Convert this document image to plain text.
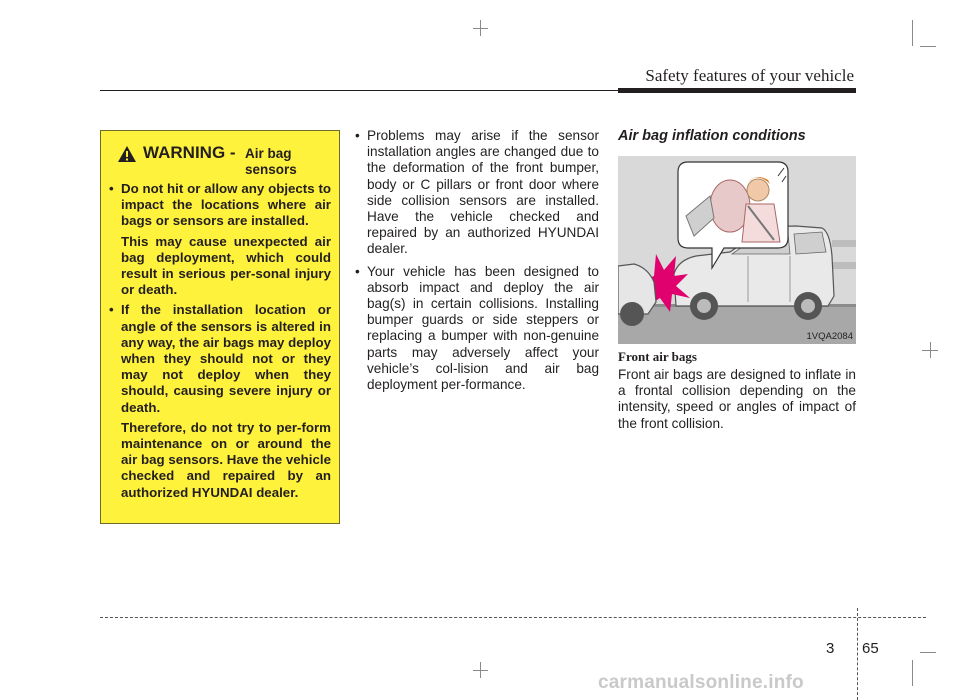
Safety features of your vehicle
WARNING - Air bag
sensors
• Do not hit or allow any objects to impact the locations where air bags or sensors are installed.

This may cause unexpected air bag deployment, which could result in serious per-sonal injury or death.

• If the installation location or angle of the sensors is altered in any way, the air bags may deploy when they should not or they may not deploy when they should, causing severe injury or death.

Therefore, do not try to per-form maintenance on or around the air bag sensors. Have the vehicle checked and repaired by an authorized HYUNDAI dealer.

• Problems may arise if the sensor installation angles are changed due to the deformation of the front bumper, body or C pillars or front door where side collision sensors are installed. Have the vehicle checked and repaired by an authorized HYUNDAI dealer.
• Your vehicle has been designed to absorb impact and deploy the air bag(s) in certain collisions. Installing bumper guards or side steppers or replacing a bumper with non-genuine parts may adversely affect your vehicle’s col-lision and air bag deployment per-formance.
Air bag inflation conditions
1VQA2084
Front air bags

Front air bags are designed to inflate in a frontal collision depending on the intensity, speed or angles of impact of the front collision.

3 65
carmanualsonline.info
